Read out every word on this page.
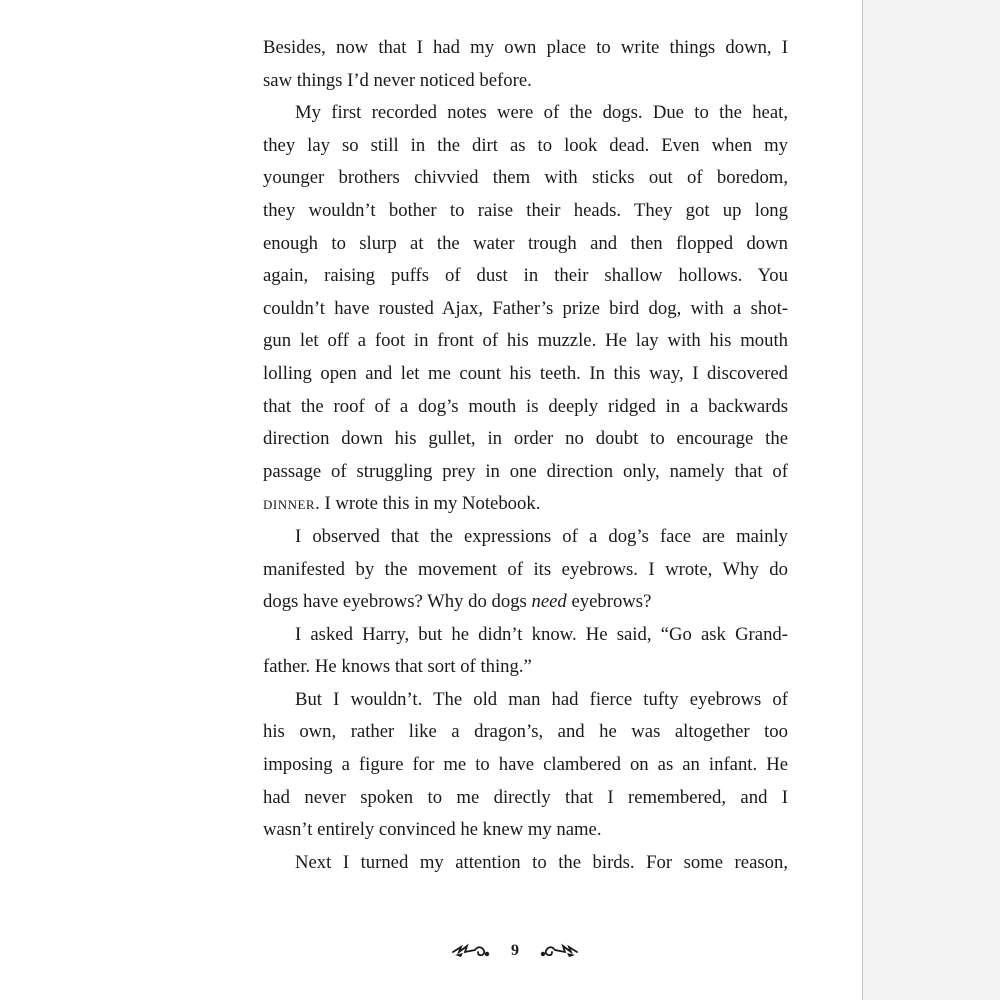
Besides, now that I had my own place to write things down, I
saw things I’d never noticed before.
My first recorded notes were of the dogs. Due to the heat,
they lay so still in the dirt as to look dead. Even when my
younger brothers chivvied them with sticks out of boredom,
they wouldn’t bother to raise their heads. They got up long
enough to slurp at the water trough and then flopped down
again, raising puffs of dust in their shallow hollows. You
couldn’t have rousted Ajax, Father’s prize bird dog, with a shot-
gun let off a foot in front of his muzzle. He lay with his mouth
lolling open and let me count his teeth. In this way, I discovered
that the roof of a dog’s mouth is deeply ridged in a backwards
direction down his gullet, in order no doubt to encourage the
passage of struggling prey in one direction only, namely that of
dinner. I wrote this in my Notebook.
I observed that the expressions of a dog’s face are mainly
manifested by the movement of its eyebrows. I wrote, Why do
dogs have eyebrows? Why do dogs need eyebrows?
I asked Harry, but he didn’t know. He said, “Go ask Grand-
father. He knows that sort of thing.”
But I wouldn’t. The old man had fierce tufty eyebrows of
his own, rather like a dragon’s, and he was altogether too
imposing a figure for me to have clambered on as an infant. He
had never spoken to me directly that I remembered, and I
wasn’t entirely convinced he knew my name.
Next I turned my attention to the birds. For some reason,
9
